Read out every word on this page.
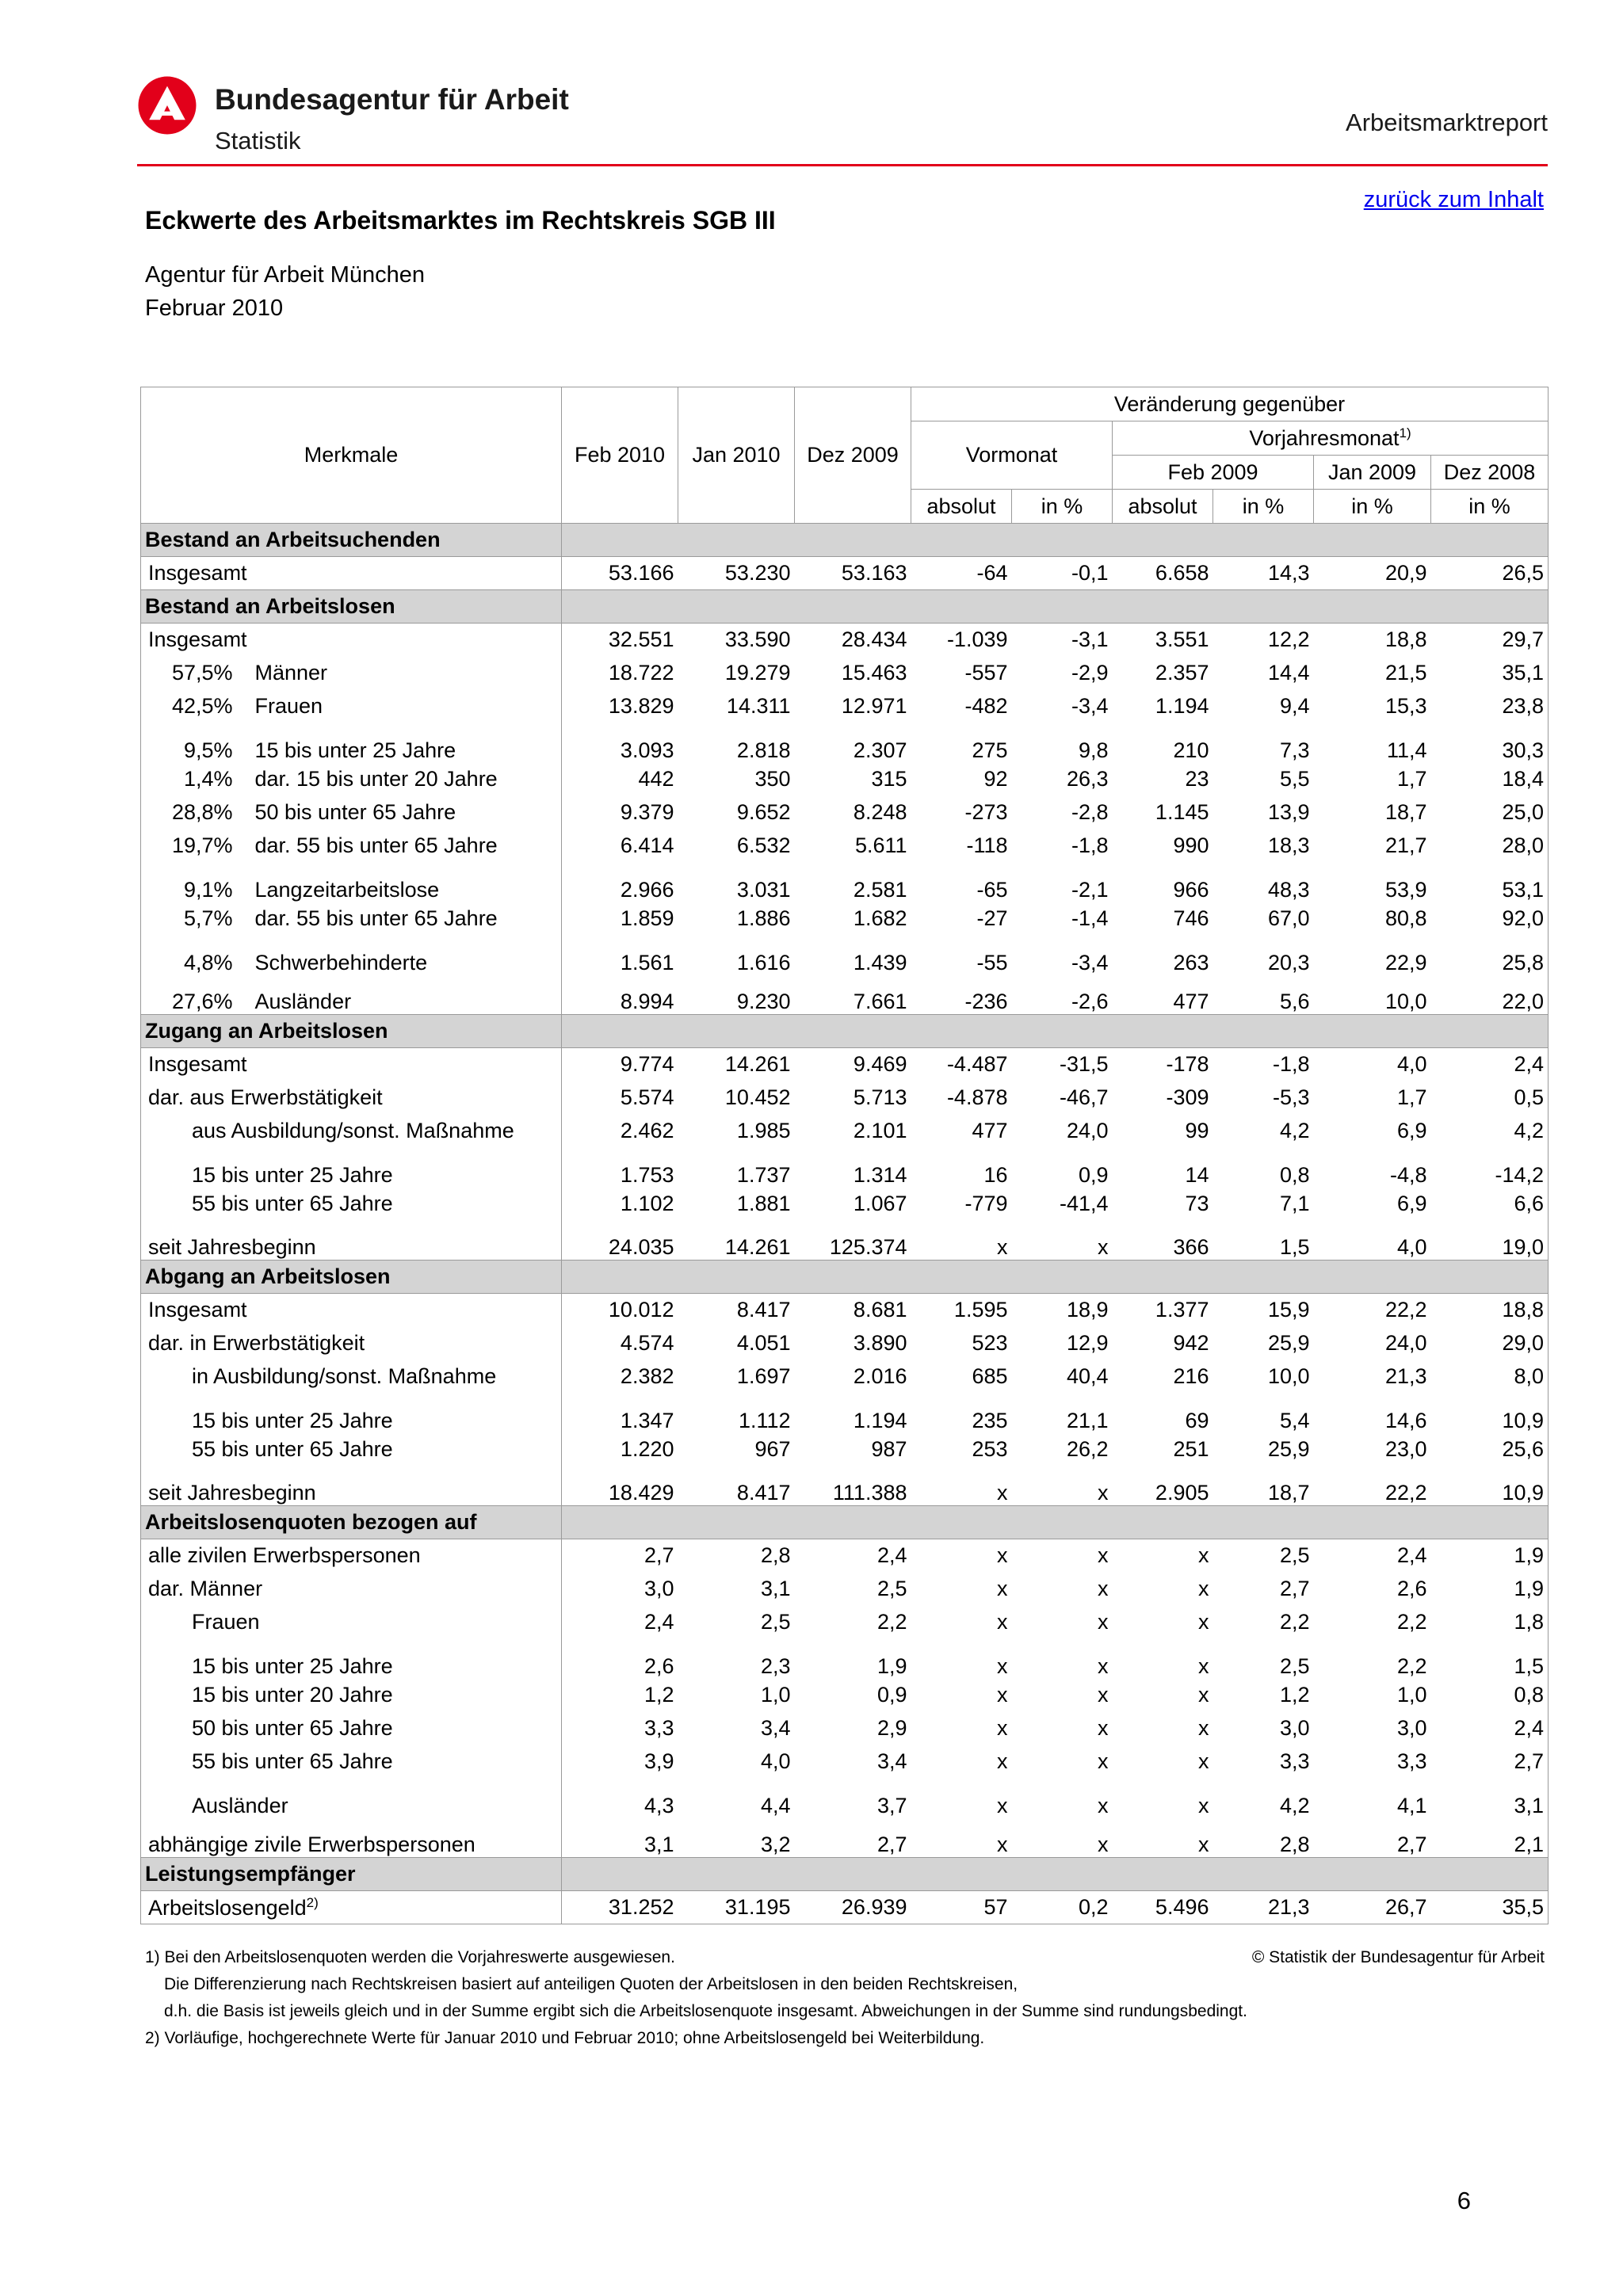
Bundesagentur für Arbeit
Statistik
Arbeitsmarktreport
zurück zum Inhalt
Eckwerte des Arbeitsmarktes im Rechtskreis SGB III
Agentur für Arbeit München
Februar 2010
Merkmale		Feb 2010	Jan 2010	Dez 2009	Veränderung gegenüber					
					Vormonat		Vorjahresmonat$^{1)}$
							Feb 2009		Jan 2009	Dez 2008
					absolut	in %	absolut	in %	in %	in %
Bestand an Arbeitsuchenden										
Insgesamt		53.166	53.230	53.163	-64	-0,1	6.658	14,3	20,9	26,5
Bestand an Arbeitslosen										
Insgesamt		32.551	33.590	28.434	-1.039	-3,1	3.551	12,2	18,8	29,7
57,5%	Männer	18.722	19.279	15.463	-557	-2,9	2.357	14,4	21,5	35,1
42,5%	Frauen	13.829	14.311	12.971	-482	-3,4	1.194	9,4	15,3	23,8
9,5%	15 bis unter 25 Jahre	3.093	2.818	2.307	275	9,8	210	7,3	11,4	30,3
1,4%	dar. 15 bis unter 20 Jahre	442	350	315	92	26,3	23	5,5	1,7	18,4
28,8%	50 bis unter 65 Jahre	9.379	9.652	8.248	-273	-2,8	1.145	13,9	18,7	25,0
19,7%	dar. 55 bis unter 65 Jahre	6.414	6.532	5.611	-118	-1,8	990	18,3	21,7	28,0
9,1%	Langzeitarbeitslose	2.966	3.031	2.581	-65	-2,1	966	48,3	53,9	53,1
5,7%	dar. 55 bis unter 65 Jahre	1.859	1.886	1.682	-27	-1,4	746	67,0	80,8	92,0
4,8%	Schwerbehinderte	1.561	1.616	1.439	-55	-3,4	263	20,3	22,9	25,8
27,6%	Ausländer	8.994	9.230	7.661	-236	-2,6	477	5,6	10,0	22,0
Zugang an Arbeitslosen										
Insgesamt		9.774	14.261	9.469	-4.487	-31,5	-178	-1,8	4,0	2,4
dar. aus Erwerbstätigkeit		5.574	10.452	5.713	-4.878	-46,7	-309	-5,3	1,7	0,5
aus Ausbildung/sonst. Maßnahme		2.462	1.985	2.101	477	24,0	99	4,2	6,9	4,2
15 bis unter 25 Jahre		1.753	1.737	1.314	16	0,9	14	0,8	-4,8	-14,2
55 bis unter 65 Jahre		1.102	1.881	1.067	-779	-41,4	73	7,1	6,9	6,6
seit Jahresbeginn		24.035	14.261	125.374	x	x	366	1,5	4,0	19,0
Abgang an Arbeitslosen										
Insgesamt		10.012	8.417	8.681	1.595	18,9	1.377	15,9	22,2	18,8
dar. in Erwerbstätigkeit		4.574	4.051	3.890	523	12,9	942	25,9	24,0	29,0
in Ausbildung/sonst. Maßnahme		2.382	1.697	2.016	685	40,4	216	10,0	21,3	8,0
15 bis unter 25 Jahre		1.347	1.112	1.194	235	21,1	69	5,4	14,6	10,9
55 bis unter 65 Jahre		1.220	967	987	253	26,2	251	25,9	23,0	25,6
seit Jahresbeginn		18.429	8.417	111.388	x	x	2.905	18,7	22,2	10,9
Arbeitslosenquoten bezogen auf										
alle zivilen Erwerbspersonen		2,7	2,8	2,4	x	x	x	2,5	2,4	1,9
dar. Männer		3,0	3,1	2,5	x	x	x	2,7	2,6	1,9
Frauen		2,4	2,5	2,2	x	x	x	2,2	2,2	1,8
15 bis unter 25 Jahre		2,6	2,3	1,9	x	x	x	2,5	2,2	1,5
15 bis unter 20 Jahre		1,2	1,0	0,9	x	x	x	1,2	1,0	0,8
50 bis unter 65 Jahre		3,3	3,4	2,9	x	x	x	3,0	3,0	2,4
55 bis unter 65 Jahre		3,9	4,0	3,4	x	x	x	3,3	3,3	2,7
Ausländer		4,3	4,4	3,7	x	x	x	4,2	4,1	3,1
abhängige zivile Erwerbspersonen		3,1	3,2	2,7	x	x	x	2,8	2,7	2,1
Leistungsempfänger										
Arbeitslosengeld$^{2)}$		31.252	31.195	26.939	57	0,2	5.496	21,3	26,7	35,5
© Statistik der Bundesagentur für Arbeit
1) Bei den Arbeitslosenquoten werden die Vorjahreswerte ausgewiesen.
Die Differenzierung nach Rechtskreisen basiert auf anteiligen Quoten der Arbeitslosen in den beiden Rechtskreisen,
d.h. die Basis ist jeweils gleich und in der Summe ergibt sich die Arbeitslosenquote insgesamt. Abweichungen in der Summe sind rundungsbedingt.
2) Vorläufige, hochgerechnete Werte für Januar 2010 und Februar 2010; ohne Arbeitslosengeld bei Weiterbildung.
6
